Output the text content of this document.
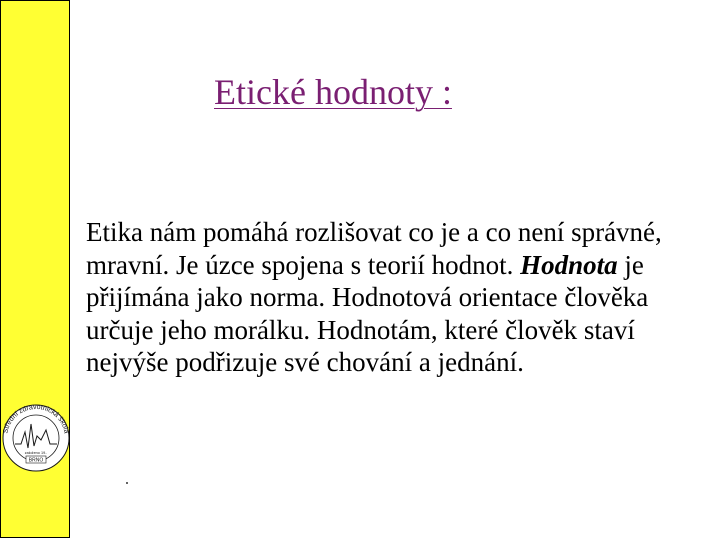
Etické hodnoty :

Etika nám pomáhá rozlišovat co je a co není správné, mravní. Je úzce spojena s teorií hodnot. Hodnota je přijímána jako norma. Hodnotová orientace člověka určuje jeho morálku. Hodnotám, které člověk staví nejvýše podřizuje své chování a jednání.

Střední zdravotnická škola
založeno 19..
BRNO
